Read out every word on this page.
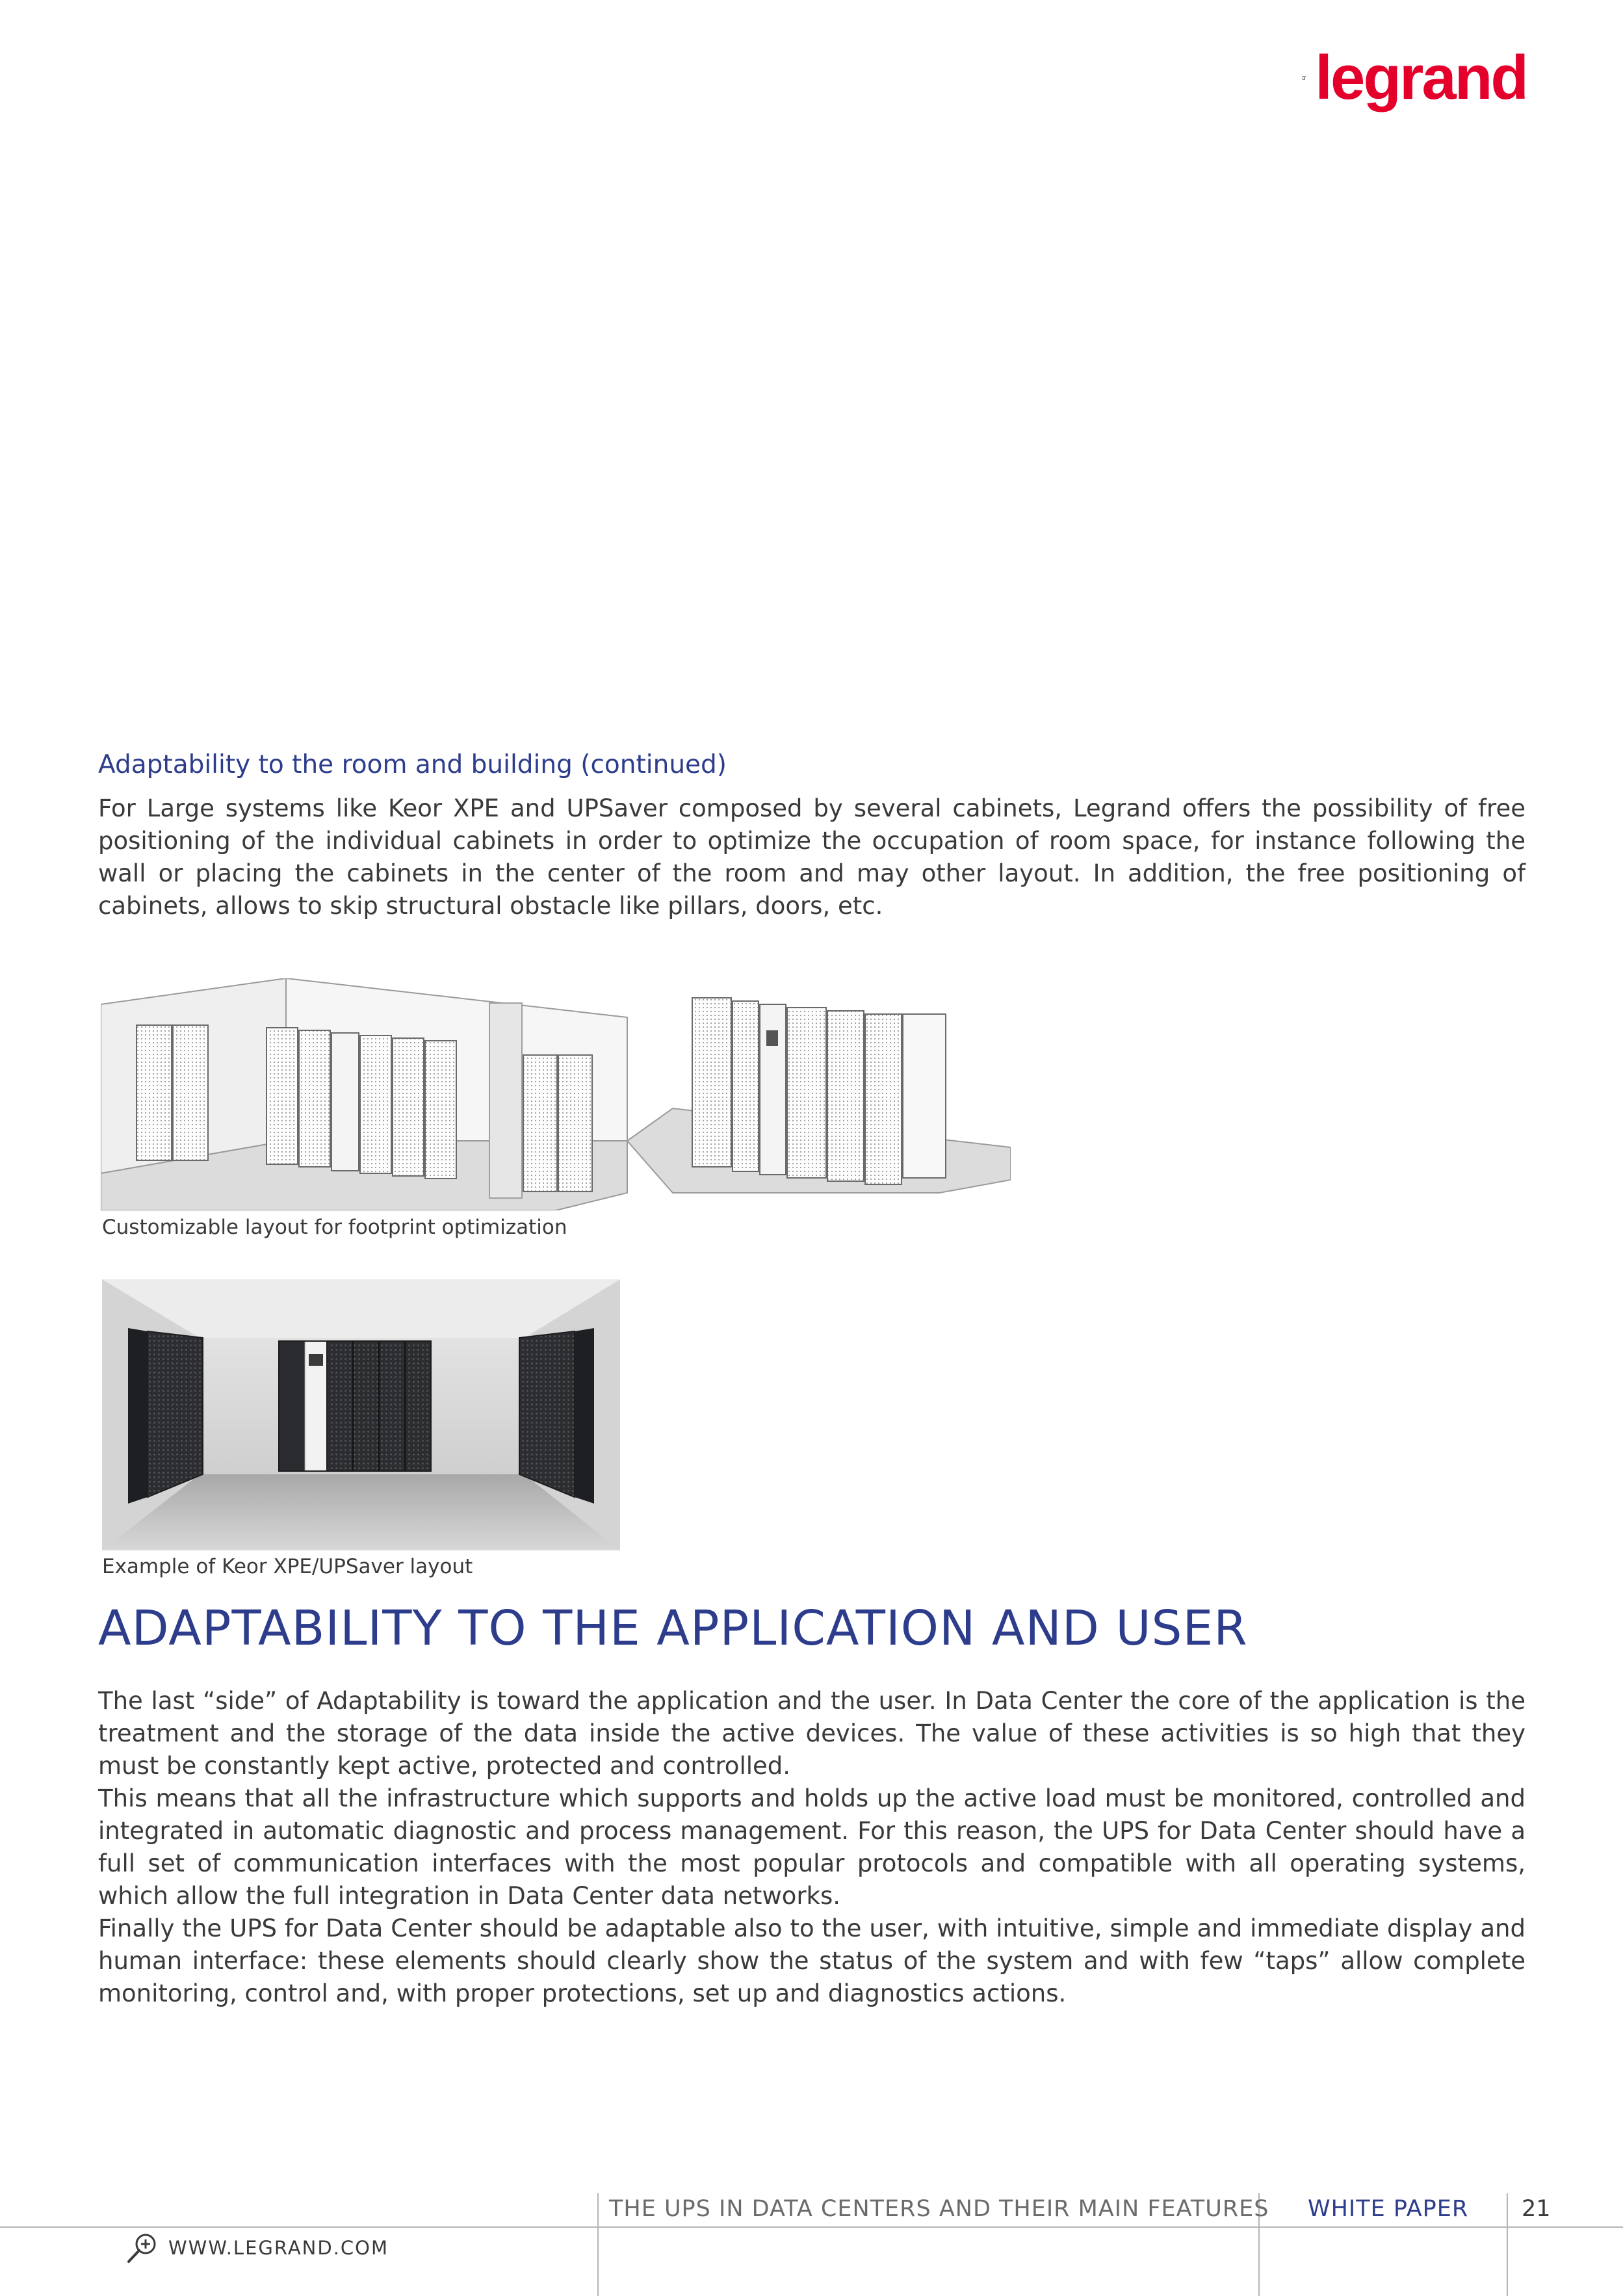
legrand
Adaptability to the room and building (continued)

For Large systems like Keor XPE and UPSaver composed by several cabinets, Legrand offers the possibility of free positioning of the individual cabinets in order to optimize the occupation of room space, for instance following the wall or placing the cabinets in the center of the room and may other layout. In addition, the free positioning of cabinets, allows to skip structural obstacle like pillars, doors, etc.

Customizable layout for footprint optimization
Example of Keor XPE/UPSaver layout
ADAPTABILITY TO THE APPLICATION AND USER
The last “side” of Adaptability is toward the application and the user. In Data Center the core of the application is the treatment and the storage of the data inside the active devices. The value of these activities is so high that they must be constantly kept active, protected and controlled.
This means that all the infrastructure which supports and holds up the active load must be monitored, controlled and integrated in automatic diagnostic and process management. For this reason, the UPS for Data Center should have a full set of communication interfaces with the most popular protocols and compatible with all operating systems, which allow the full integration in Data Center data networks.
Finally the UPS for Data Center should be adaptable also to the user, with intuitive, simple and immediate display and human interface: these elements should clearly show the status of the system and with few “taps” allow complete monitoring, control and, with proper protections, set up and diagnostics actions.
THE UPS IN DATA CENTERS AND THEIR MAIN FEATURES WHITE PAPER 21
WWW.LEGRAND.COM
